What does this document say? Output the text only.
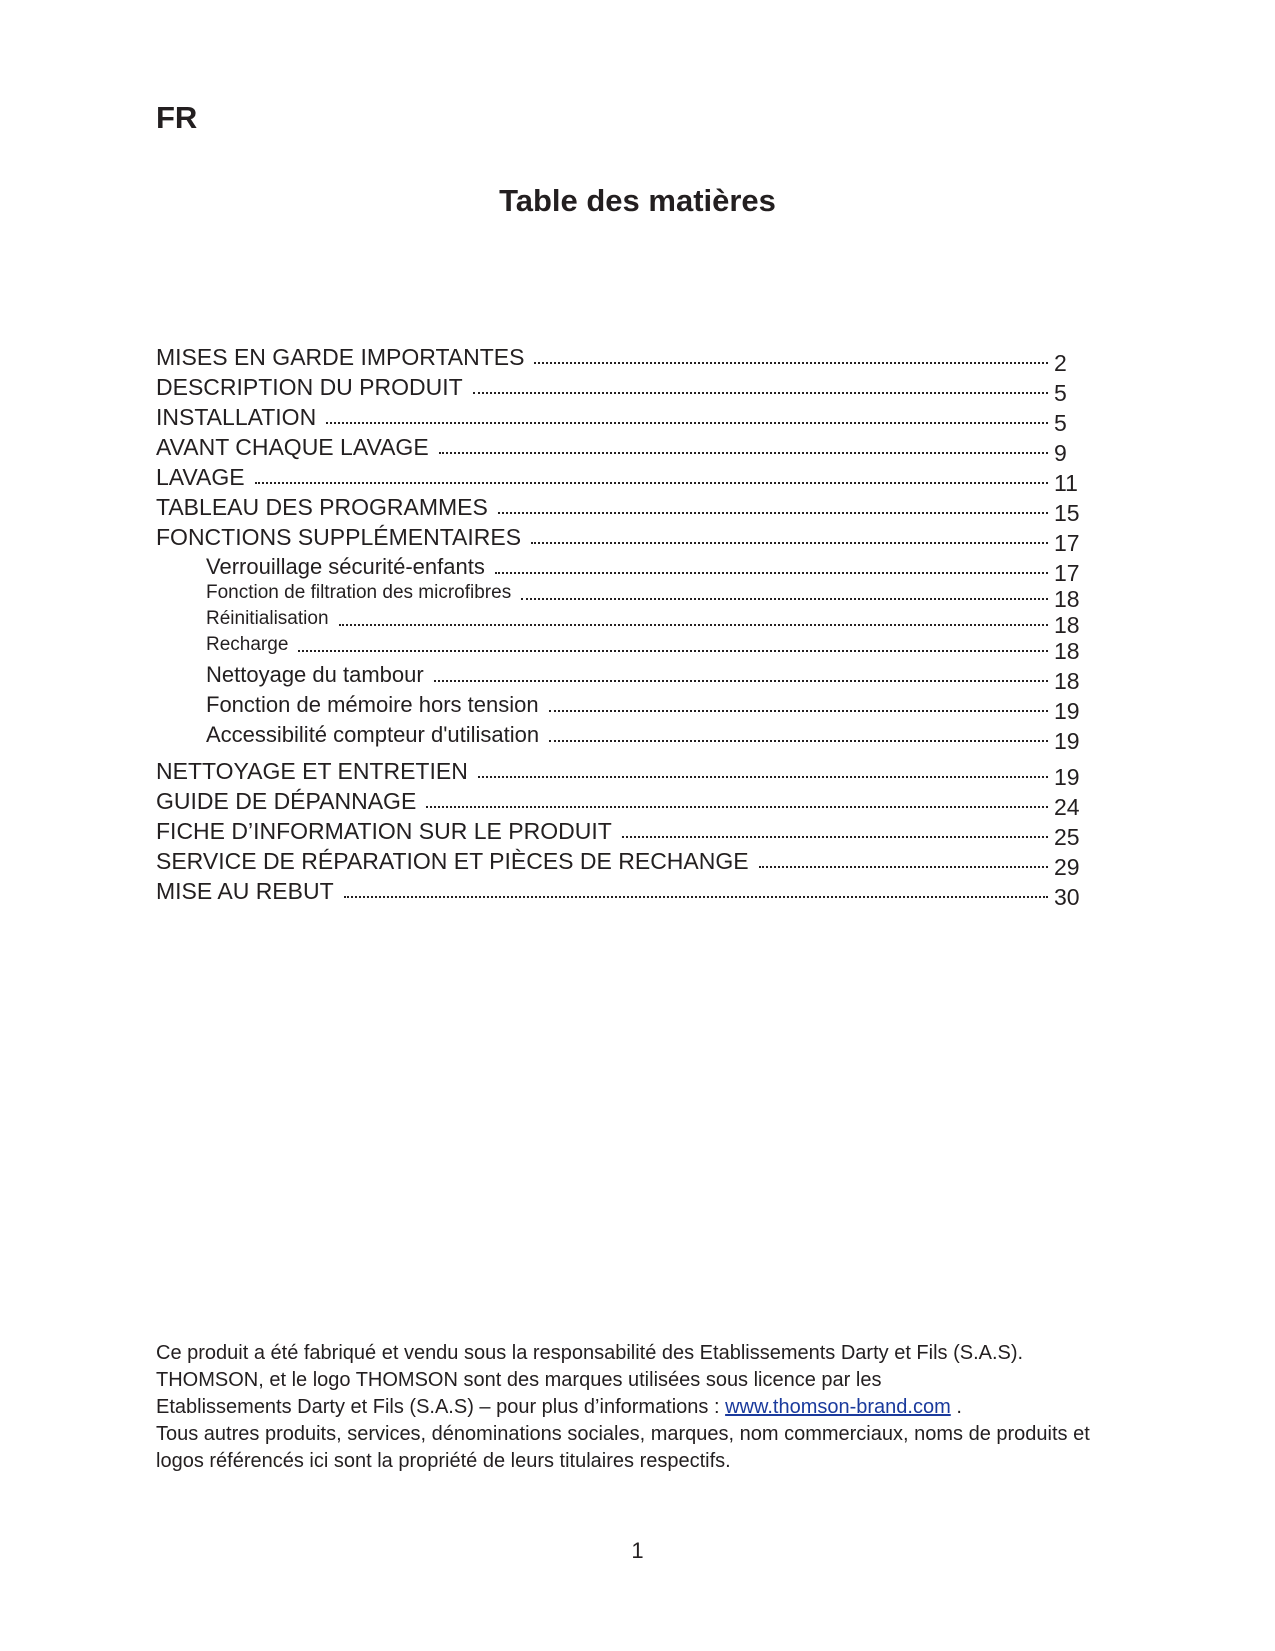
FR
Table des matières
MISES EN GARDE IMPORTANTES	2
DESCRIPTION DU PRODUIT	5
INSTALLATION	5
AVANT CHAQUE LAVAGE	9
LAVAGE	11
TABLEAU DES PROGRAMMES	15
FONCTIONS SUPPLÉMENTAIRES	17
Verrouillage sécurité-enfants	17
Fonction de filtration des microfibres	18
Réinitialisation	18
Recharge	18
Nettoyage du tambour	18
Fonction de mémoire hors tension	19
Accessibilité compteur d'utilisation	19
NETTOYAGE ET ENTRETIEN	19
GUIDE DE DÉPANNAGE	24
FICHE D’INFORMATION SUR LE PRODUIT	25
SERVICE DE RÉPARATION ET PIÈCES DE RECHANGE	29
MISE AU REBUT	30
Ce produit a été fabriqué et vendu sous la responsabilité des Etablissements Darty et Fils (S.A.S).
THOMSON, et le logo THOMSON sont des marques utilisées sous licence par les
Etablissements Darty et Fils (S.A.S) – pour plus d’informations : www.thomson-brand.com .
Tous autres produits, services, dénominations sociales, marques, nom commerciaux, noms de produits et
logos référencés ici sont la propriété de leurs titulaires respectifs.
1
